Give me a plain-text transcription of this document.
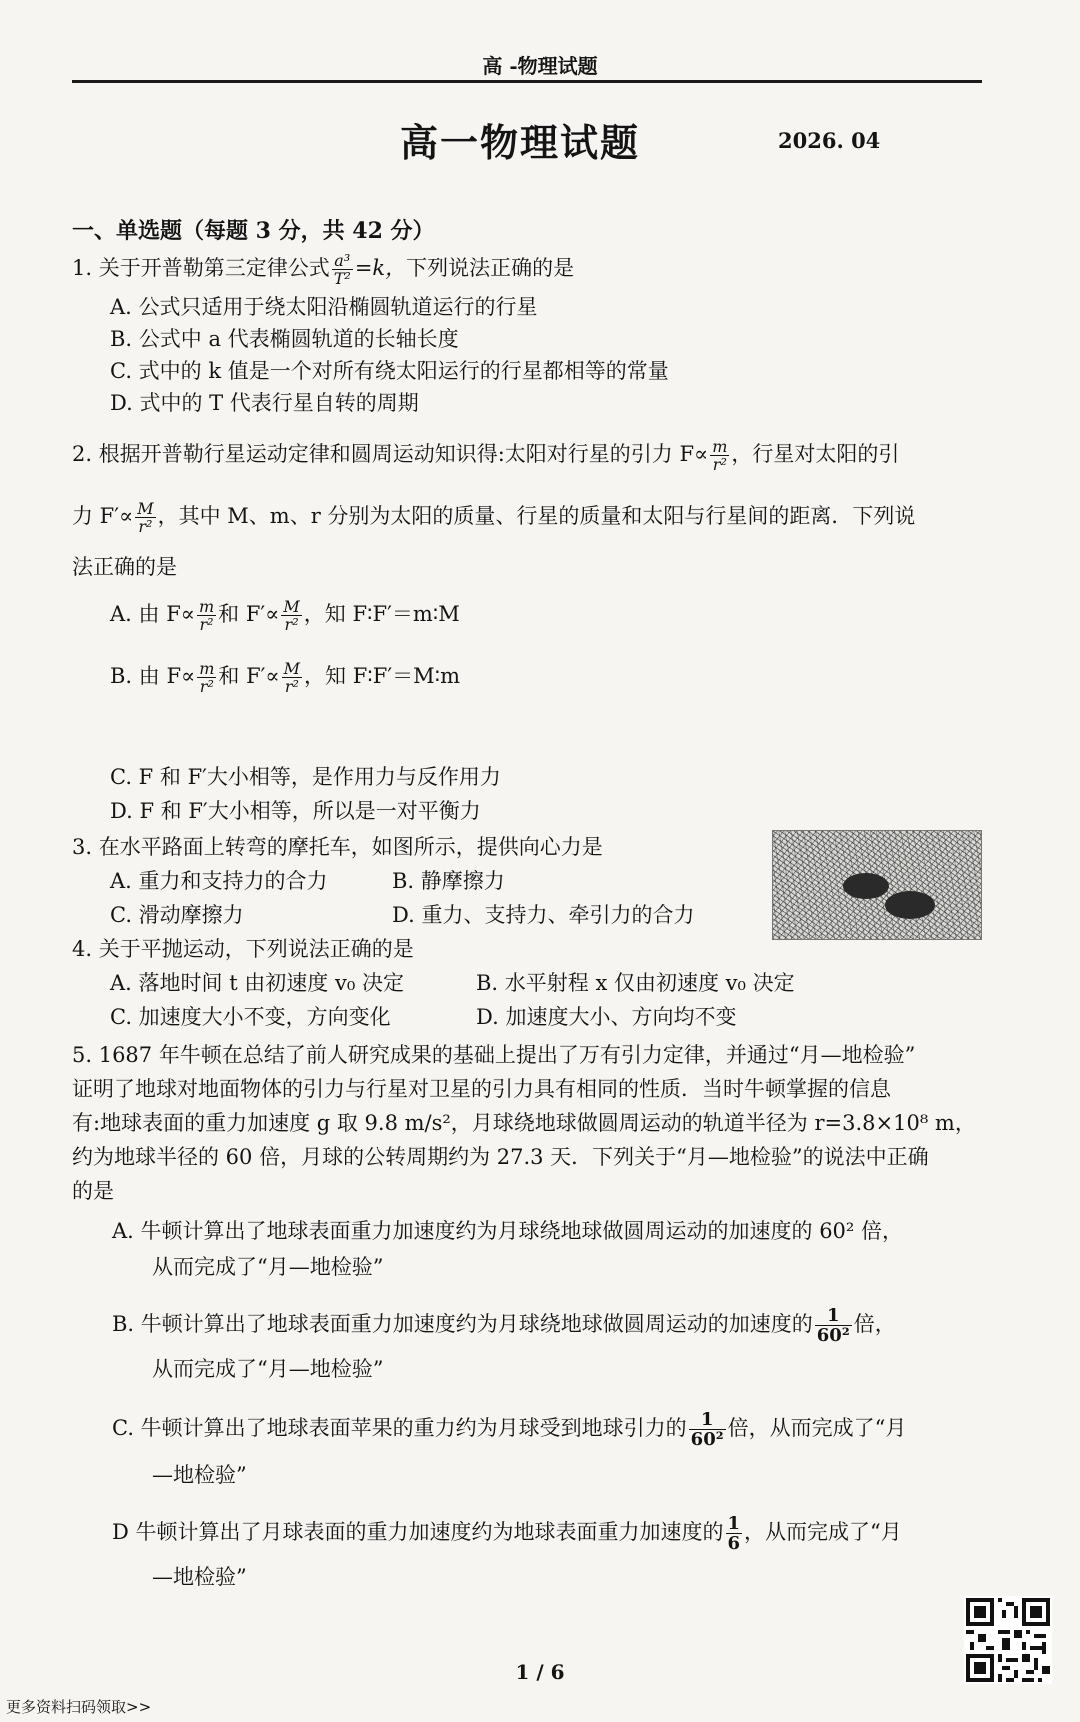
高 -物理试题
高一物理试题	2026. 04
一、单选题（每题 3 分，共 42 分）
1. 关于开普勒第三定律公式 $\frac{\text{a³}}{\text{T²}} =k$，下列说法正确的是
A. 公式只适用于绕太阳沿椭圆轨道运行的行星
B. 公式中 a 代表椭圆轨道的长轴长度
C. 式中的 k 值是一个对所有绕太阳运行的行星都相等的常量
D. 式中的 T 代表行星自转的周期
2. 根据开普勒行星运动定律和圆周运动知识得:太阳对行星的引力 $F\propto \frac{m}{\text{r²}}$ ，行星对太阳的引
力 $F'\propto \frac{M}{\text{r²}}$ ，其中 M、m、r 分别为太阳的质量、行星的质量和太阳与行星间的距离．下列说
法正确的是
A. 由 $F\propto \frac{m}{\text{r²}}$ 和 $F'\propto \frac{M}{\text{r²}}$ ，知 F∶F′＝m∶M
B. 由 $F\propto \frac{m}{\text{r²}}$ 和 $F'\propto \frac{M}{\text{r²}}$ ，知 F∶F′＝M∶m
C. F 和 F′大小相等，是作用力与反作用力
D. F 和 F′大小相等，所以是一对平衡力
3. 在水平路面上转弯的摩托车，如图所示，提供向心力是
A. 重力和支持力的合力	B. 静摩擦力
C. 滑动摩擦力	D. 重力、支持力、牵引力的合力
4. 关于平抛运动，下列说法正确的是
A. 落地时间 t 由初速度 v₀ 决定	B. 水平射程 x 仅由初速度 v₀ 决定
C. 加速度大小不变，方向变化	D. 加速度大小、方向均不变
5. 1687 年牛顿在总结了前人研究成果的基础上提出了万有引力定律，并通过“月—地检验”
证明了地球对地面物体的引力与行星对卫星的引力具有相同的性质．当时牛顿掌握的信息
有:地球表面的重力加速度 g 取 9.8 m/s²，月球绕地球做圆周运动的轨道半径为 r=3.8×10⁸ m，
约为地球半径的 60 倍，月球的公转周期约为 27.3 天．下列关于“月—地检验”的说法中正确
的是
A. 牛顿计算出了地球表面重力加速度约为月球绕地球做圆周运动的加速度的 60² 倍，
从而完成了“月—地检验”
B. 牛顿计算出了地球表面重力加速度约为月球绕地球做圆周运动的加速度的 $\frac{1}{\text{60²}}$ 倍，
从而完成了“月—地检验”
C. 牛顿计算出了地球表面苹果的重力约为月球受到地球引力的 $\frac{1}{\text{60²}}$ 倍，从而完成了“月
—地检验”
D 牛顿计算出了月球表面的重力加速度约为地球表面重力加速度的 $\frac{1}{6}$ ，从而完成了“月
—地检验”
1 / 6
更多资料扫码领取>>
